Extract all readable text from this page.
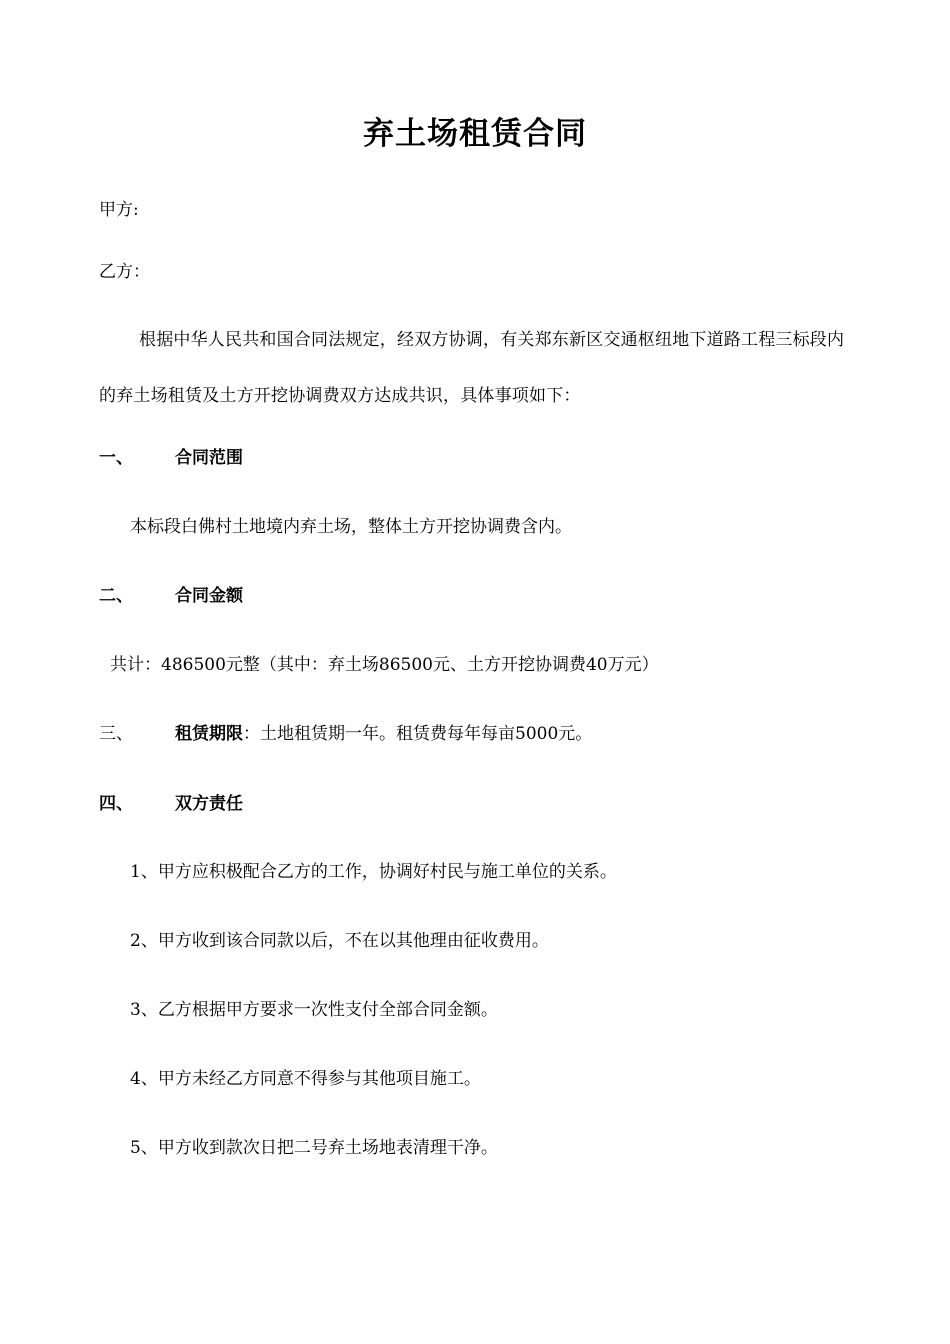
弃土场租赁合同
甲方:
乙方：
根据中华人民共和国合同法规定，经双方协调，有关郑东新区交通枢纽地下道路工程三标段内的弃土场租赁及土方开挖协调费双方达成共识，具体事项如下：
一、 合同范围
本标段白佛村土地境内弃土场，整体土方开挖协调费含内。
二、 合同金额
共计：486500元整（其中：弃土场86500元、土方开挖协调费40万元）
三、 租赁期限：土地租赁期一年。租赁费每年每亩5000元。
四、 双方责任
1、甲方应积极配合乙方的工作，协调好村民与施工单位的关系。
2、甲方收到该合同款以后，不在以其他理由征收费用。
3、乙方根据甲方要求一次性支付全部合同金额。
4、甲方未经乙方同意不得参与其他项目施工。
5、甲方收到款次日把二号弃土场地表清理干净。
